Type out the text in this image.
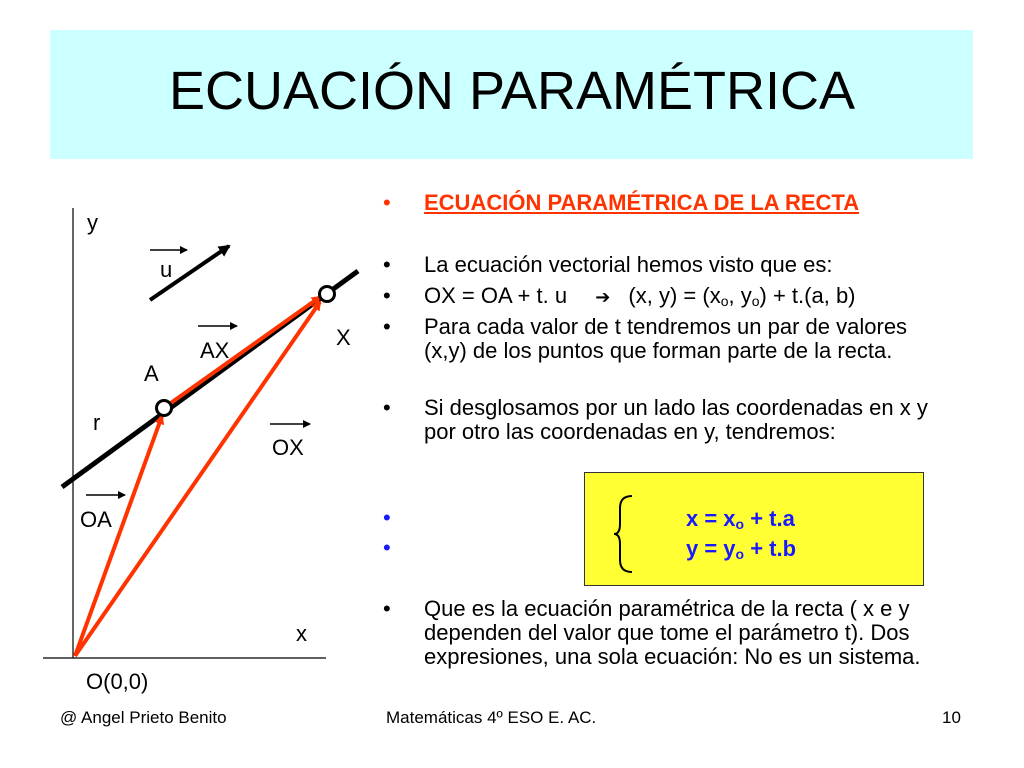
ECUACIÓN PARAMÉTRICA
y
u
X
AX
A
r
OX
OA
x
O(0,0)
• ECUACIÓN PARAMÉTRICA DE LA RECTA
• La ecuación vectorial hemos visto que es:
• OX = OA + t. u ➔ (x, $y) = (x_o$, $y_o) + t.(a$, b)
• Para cada valor de t tendremos un par de valores (x,y) de los puntos que forman parte de la recta.
• Si desglosamos por un lado las coordenadas en x y por otro las coordenadas en y, tendremos:
•
•
$x = x_o + t.a$
$y = y_o + t.b$
• Que es la ecuación paramétrica de la recta ( x e y dependen del valor que tome el parámetro t). Dos expresiones, una sola ecuación: No es un sistema.
@ Angel Prieto Benito	Matemáticas 4º ESO E. AC.	10
